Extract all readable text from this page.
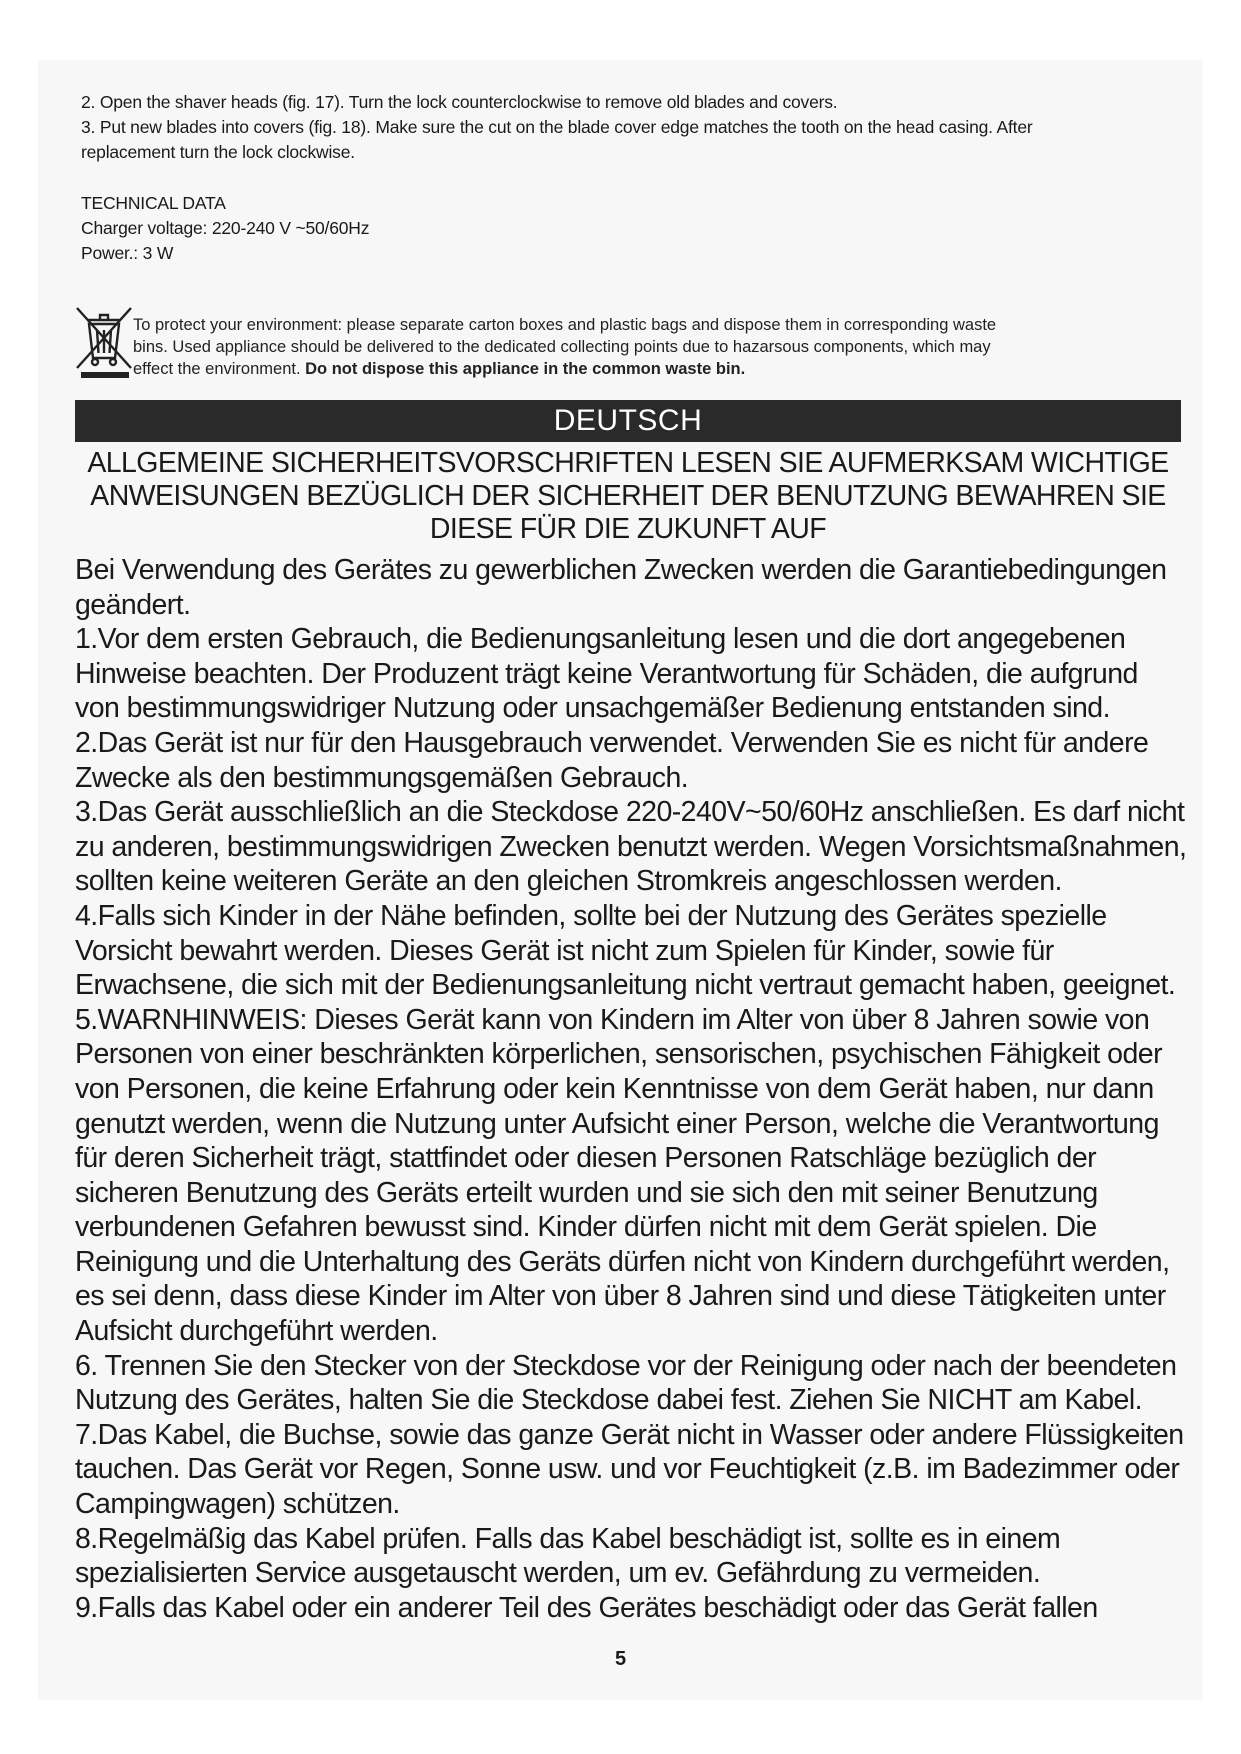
2. Open the shaver heads (fig. 17). Turn the lock counterclockwise to remove old blades and covers.

3. Put new blades into covers (fig. 18). Make sure the cut on the blade cover edge matches the tooth on the head casing. After

replacement turn the lock clockwise.

TECHNICAL DATA

Charger voltage: 220-240 V ~50/60Hz

Power.: 3 W

To protect your environment: please separate carton boxes and plastic bags and dispose them in corresponding waste
bins. Used appliance should be delivered to the dedicated collecting points due to hazarsous components, which may
effect the environment. Do not dispose this appliance in the common waste bin.
DEUTSCH
ALLGEMEINE SICHERHEITSVORSCHRIFTEN LESEN SIE AUFMERKSAM WICHTIGE
ANWEISUNGEN BEZÜGLICH DER SICHERHEIT DER BENUTZUNG BEWAHREN SIE
DIESE FÜR DIE ZUKUNFT AUF

Bei Verwendung des Gerätes zu gewerblichen Zwecken werden die Garantiebedingungen

geändert.

1.Vor dem ersten Gebrauch, die Bedienungsanleitung lesen und die dort angegebenen

Hinweise beachten. Der Produzent trägt keine Verantwortung für Schäden, die aufgrund

von bestimmungswidriger Nutzung oder unsachgemäßer Bedienung entstanden sind.

2.Das Gerät ist nur für den Hausgebrauch verwendet. Verwenden Sie es nicht für andere

Zwecke als den bestimmungsgemäßen Gebrauch.

3.Das Gerät ausschließlich an die Steckdose 220-240V~50/60Hz anschließen. Es darf nicht

zu anderen, bestimmungswidrigen Zwecken benutzt werden. Wegen Vorsichtsmaßnahmen,

sollten keine weiteren Geräte an den gleichen Stromkreis angeschlossen werden.

4.Falls sich Kinder in der Nähe befinden, sollte bei der Nutzung des Gerätes spezielle

Vorsicht bewahrt werden. Dieses Gerät ist nicht zum Spielen für Kinder, sowie für

Erwachsene, die sich mit der Bedienungsanleitung nicht vertraut gemacht haben, geeignet.

5.WARNHINWEIS: Dieses Gerät kann von Kindern im Alter von über 8 Jahren sowie von

Personen von einer beschränkten körperlichen, sensorischen, psychischen Fähigkeit oder

von Personen, die keine Erfahrung oder kein Kenntnisse von dem Gerät haben, nur dann

genutzt werden, wenn die Nutzung unter Aufsicht einer Person, welche die Verantwortung

für deren Sicherheit trägt, stattfindet oder diesen Personen Ratschläge bezüglich der

sicheren Benutzung des Geräts erteilt wurden und sie sich den mit seiner Benutzung

verbundenen Gefahren bewusst sind. Kinder dürfen nicht mit dem Gerät spielen. Die

Reinigung und die Unterhaltung des Geräts dürfen nicht von Kindern durchgeführt werden,

es sei denn, dass diese Kinder im Alter von über 8 Jahren sind und diese Tätigkeiten unter

Aufsicht durchgeführt werden.

6. Trennen Sie den Stecker von der Steckdose vor der Reinigung oder nach der beendeten

Nutzung des Gerätes, halten Sie die Steckdose dabei fest. Ziehen Sie NICHT am Kabel.

7.Das Kabel, die Buchse, sowie das ganze Gerät nicht in Wasser oder andere Flüssigkeiten

tauchen. Das Gerät vor Regen, Sonne usw. und vor Feuchtigkeit (z.B. im Badezimmer oder

Campingwagen) schützen.

8.Regelmäßig das Kabel prüfen. Falls das Kabel beschädigt ist, sollte es in einem

spezialisierten Service ausgetauscht werden, um ev. Gefährdung zu vermeiden.

9.Falls das Kabel oder ein anderer Teil des Gerätes beschädigt oder das Gerät fallen

5
